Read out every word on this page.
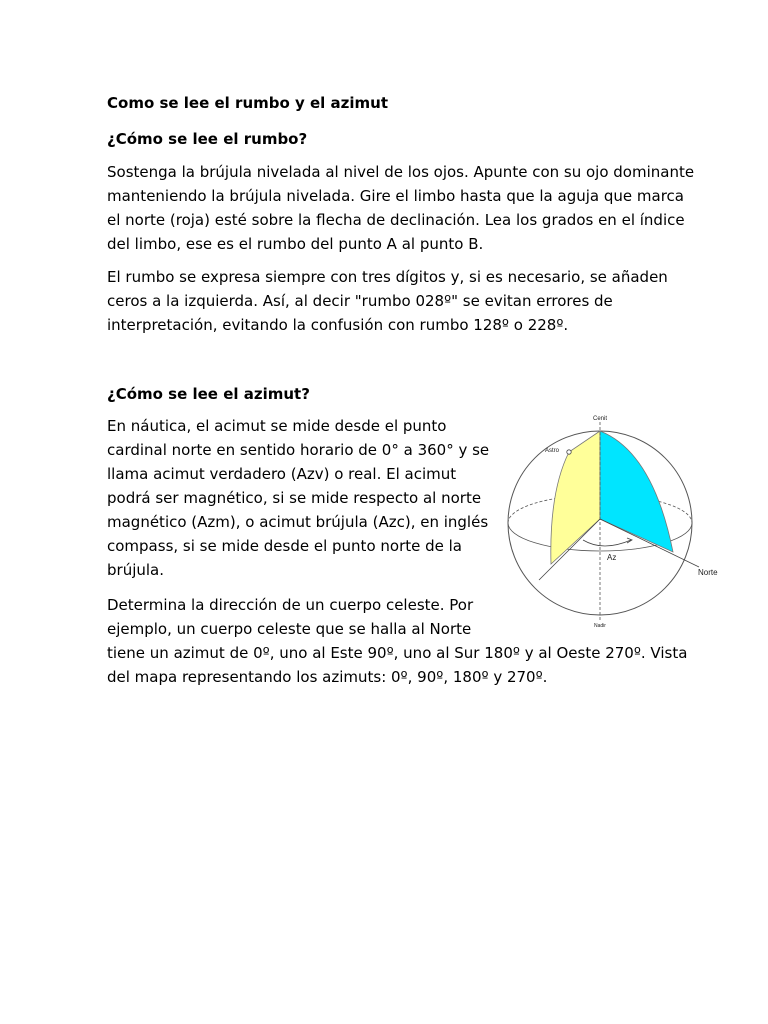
Como se lee el rumbo y el azimut
¿Cómo se lee el rumbo?
Sostenga la brújula nivelada al nivel de los ojos. Apunte con su ojo dominante
manteniendo la brújula nivelada. Gire el limbo hasta que la aguja que marca
el norte (roja) esté sobre la flecha de declinación. Lea los grados en el índice
del limbo, ese es el rumbo del punto A al punto B.
El rumbo se expresa siempre con tres dígitos y, si es necesario, se añaden
ceros a la izquierda. Así, al decir "rumbo 028º" se evitan errores de
interpretación, evitando la confusión con rumbo 128º o 228º.
¿Cómo se lee el azimut?
En náutica, el acimut se mide desde el punto
cardinal norte en sentido horario de 0° a 360° y se
llama acimut verdadero (Azv) o real. El acimut
podrá ser magnético, si se mide respecto al norte
magnético (Azm), o acimut brújula (Azc), en inglés
compass, si se mide desde el punto norte de la
brújula.
Determina la dirección de un cuerpo celeste. Por
ejemplo, un cuerpo celeste que se halla al Norte
tiene un azimut de 0º, uno al Este 90º, uno al Sur 180º y al Oeste 270º. Vista
del mapa representando los azimuts: 0º, 90º, 180º y 270º.
Cenit
Astro
Az
Norte
Nadir
